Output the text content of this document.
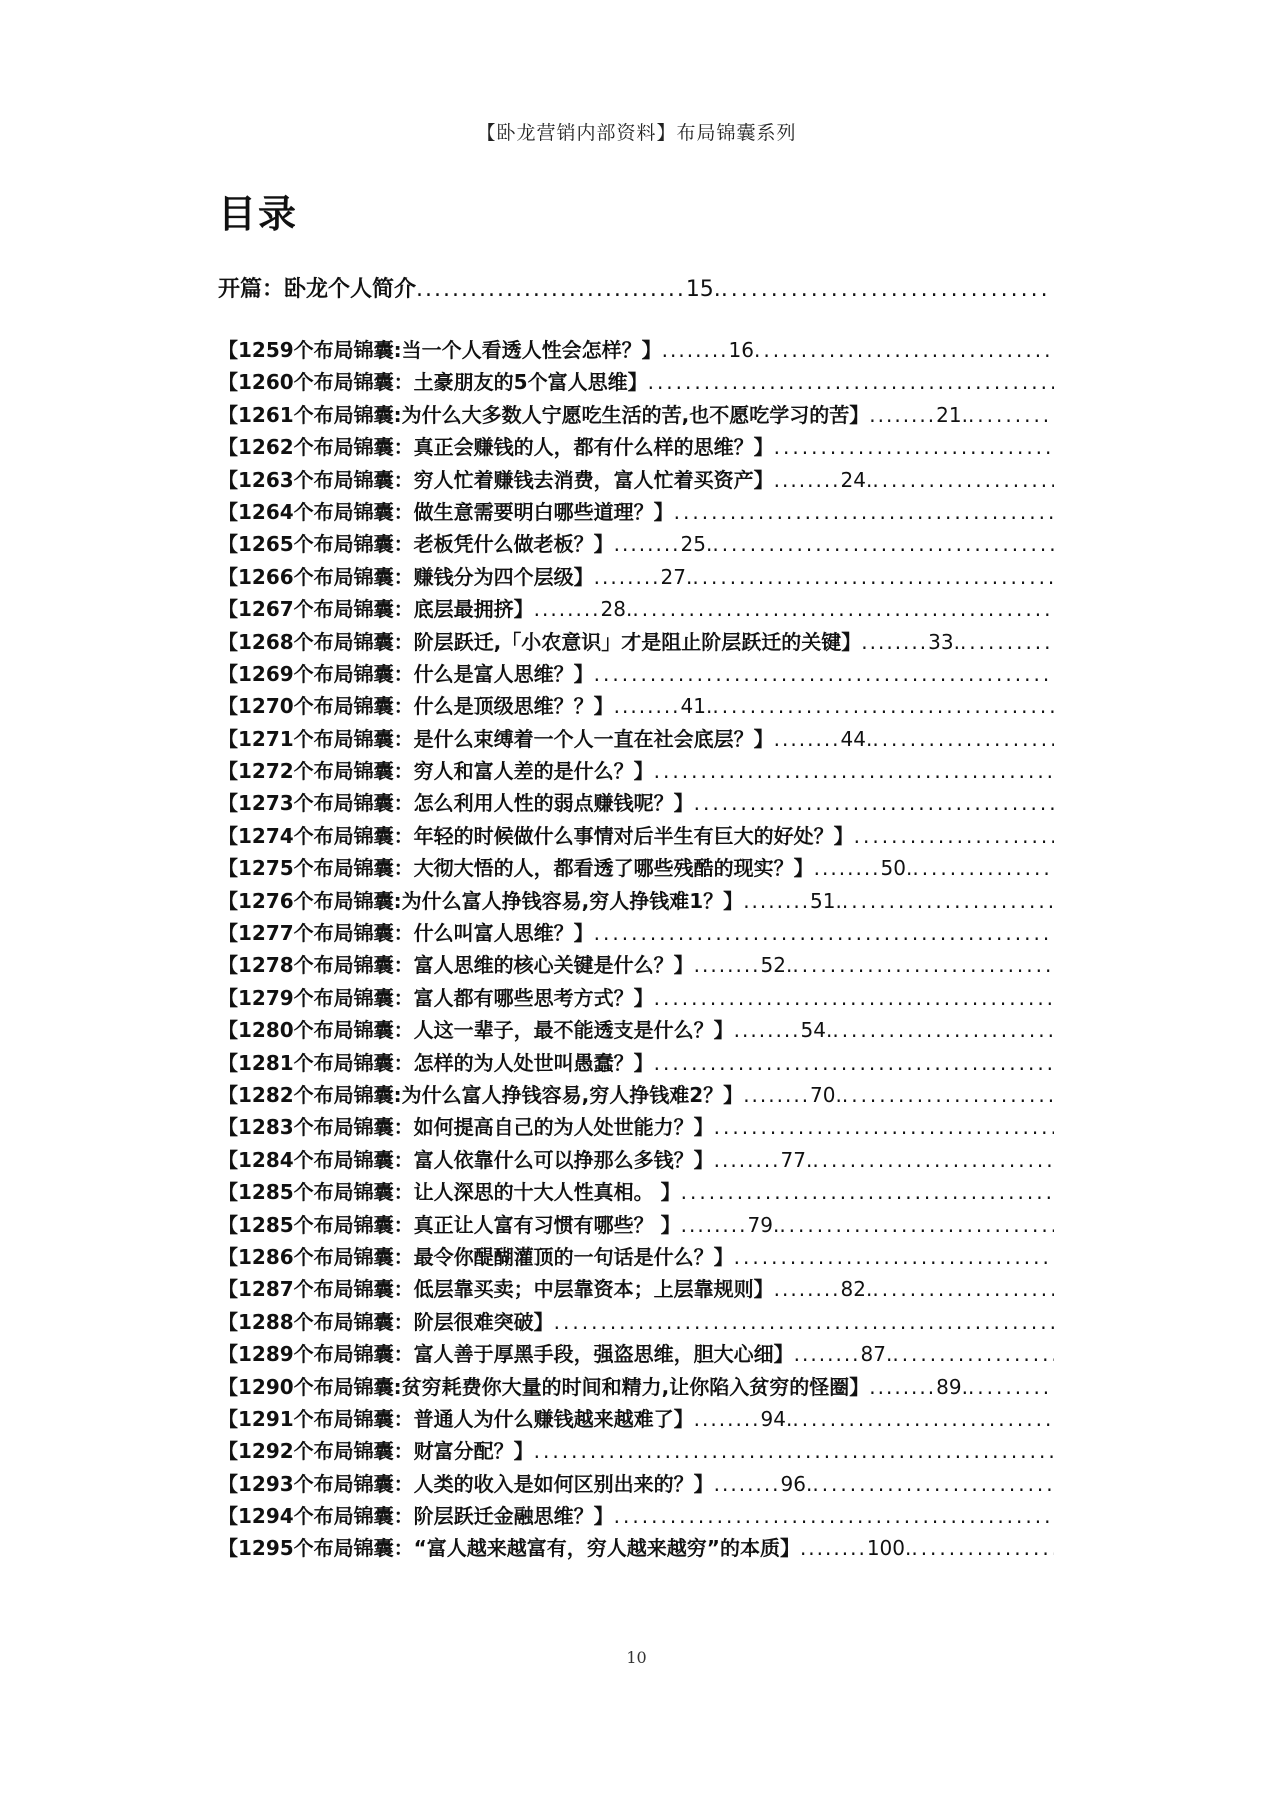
【卧龙营销内部资料】布局锦囊系列
目录
开篇：卧龙个人简介 .............................. 15.
.....
【1259个布局锦囊:当一个人看透人性会怎样？】 ........ 16
.....
【1260个布局锦囊：土豪朋友的5个富人思维】
.....
【1261个布局锦囊:为什么大多数人宁愿吃生活的苦,也不愿吃学习的苦】 ........ 21.
.....
【1262个布局锦囊：真正会赚钱的人，都有什么样的思维？】
.....
【1263个布局锦囊：穷人忙着赚钱去消费，富人忙着买资产】 ........ 24.
.....
【1264个布局锦囊：做生意需要明白哪些道理？】
.....
【1265个布局锦囊：老板凭什么做老板？】 ........ 25.
.....
【1266个布局锦囊：赚钱分为四个层级】 ........ 27.
.....
【1267个布局锦囊：底层最拥挤】 ........ 28.
.....
【1268个布局锦囊：阶层跃迁,「小农意识」才是阻止阶层跃迁的关键】 ........ 33.
.....
【1269个布局锦囊：什么是富人思维？】
.....
【1270个布局锦囊：什么是顶级思维？？】 ........ 41.
.....
【1271个布局锦囊：是什么束缚着一个人一直在社会底层？】 ........ 44.
.....
【1272个布局锦囊：穷人和富人差的是什么？】
.....
【1273个布局锦囊：怎么利用人性的弱点赚钱呢？】
.....
【1274个布局锦囊：年轻的时候做什么事情对后半生有巨大的好处？】
.....
【1275个布局锦囊：大彻大悟的人，都看透了哪些残酷的现实？】 ........ 50.
.....
【1276个布局锦囊:为什么富人挣钱容易,穷人挣钱难1？】 ........ 51.
.....
【1277个布局锦囊：什么叫富人思维？】
.....
【1278个布局锦囊：富人思维的核心关键是什么？】 ........ 52.
.....
【1279个布局锦囊：富人都有哪些思考方式？】
.....
【1280个布局锦囊：人这一辈子，最不能透支是什么？】 ........ 54.
.....
【1281个布局锦囊：怎样的为人处世叫愚蠢？】
.....
【1282个布局锦囊:为什么富人挣钱容易,穷人挣钱难2？】 ........ 70.
.....
【1283个布局锦囊：如何提高自己的为人处世能力？】
.....
【1284个布局锦囊：富人依靠什么可以挣那么多钱？】 ........ 77.
.....
【1285个布局锦囊：让人深思的十大人性真相。 】
.....
【1285个布局锦囊：真正让人富有习惯有哪些？ 】 ........ 79.
.....
【1286个布局锦囊：最令你醍醐灌顶的一句话是什么？】
.....
【1287个布局锦囊：低层靠买卖；中层靠资本；上层靠规则】 ........ 82.
.....
【1288个布局锦囊：阶层很难突破】
.....
【1289个布局锦囊：富人善于厚黑手段，强盗思维，胆大心细】 ........ 87.
.....
【1290个布局锦囊:贫穷耗费你大量的时间和精力,让你陷入贫穷的怪圈】 ........ 89.
.....
【1291个布局锦囊：普通人为什么赚钱越来越难了】 ........ 94.
.....
【1292个布局锦囊：财富分配？】
.....
【1293个布局锦囊：人类的收入是如何区别出来的？】 ........ 96.
.....
【1294个布局锦囊：阶层跃迁金融思维？】
.....
【1295个布局锦囊：“富人越来越富有，穷人越来越穷”的本质】 ........ 100.
.....
10
